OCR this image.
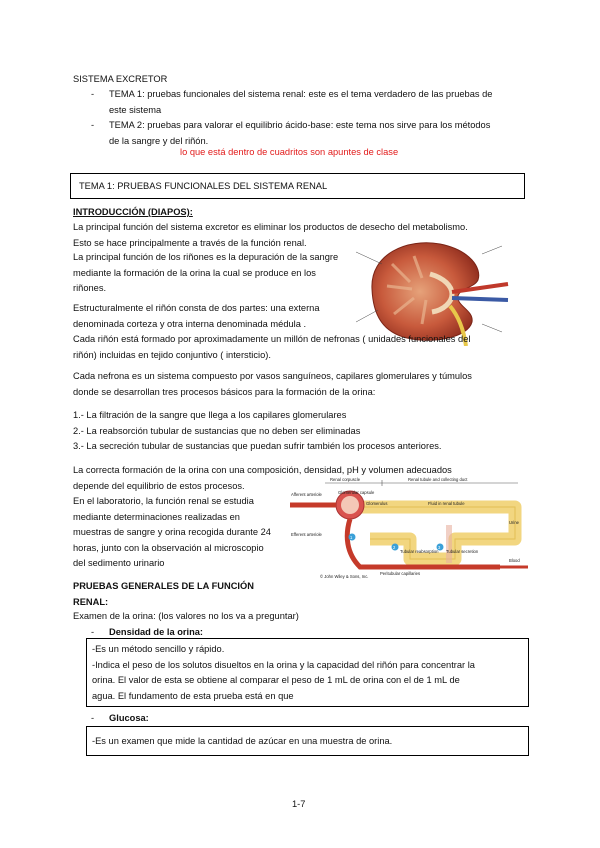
SISTEMA EXCRETOR
- TEMA 1: pruebas funcionales del sistema renal: este es el tema verdadero de las pruebas de
este sistema
- TEMA 2: pruebas para valorar el equilibrio ácido-base: este tema nos sirve para los métodos
de la sangre y del riñón.
lo que está dentro de cuadritos son apuntes de clase
TEMA 1: PRUEBAS FUNCIONALES DEL SISTEMA RENAL
INTRODUCCIÓN (DIAPOS):
La principal función del sistema excretor es eliminar los productos de desecho del metabolismo.
Esto se hace principalmente a través de la función renal.
La principal función de los riñones es la depuración de la sangre
mediante la formación de la orina la cual se produce en los
riñones.
Estructuralmente el riñón consta de dos partes: una externa
denominada corteza y otra interna denominada médula .
Cada riñón está formado por aproximadamente un millón de nefronas ( unidades funcionales del
riñón) incluidas en tejido conjuntivo ( intersticio).
Cada nefrona es un sistema compuesto por vasos sanguíneos, capilares glomerulares y túmulos
donde se desarrollan tres procesos básicos para la formación de la orina:
1.- La filtración de la sangre que llega a los capilares glomerulares
2.- La reabsorción tubular de sustancias que no deben ser eliminadas
3.- La secreción tubular de sustancias que puedan sufrir también los procesos anteriores.
La correcta formación de la orina con una composición, densidad, pH y volumen adecuados
depende del equilibrio de estos procesos.
En el laboratorio, la función renal se estudia
mediante determinaciones realizadas en
muestras de sangre y orina recogida durante 24
horas, junto con la observación al microscopio
del sedimento urinario
Renal corpuscle	Renal tubule and collecting duct
Afferent arteriole	Glomerular capsule
Efferent arteriole
Glomerulus	Fluid in renal tubule
Peritubular capillaries
1
2	3
Tubular reabsorption Tubular secretion
Urine
Blood
© John Wiley & Sons, Inc.
PRUEBAS GENERALES DE LA FUNCIÓN
RENAL:
Examen de la orina: (los valores no los va a preguntar)
- Densidad de la orina:
-Es un método sencillo y rápido.
-Indica el peso de los solutos disueltos en la orina y la capacidad del riñón para concentrar la
orina. El valor de esta se obtiene al comparar el peso de 1 mL de orina con el de 1 mL de
agua. El fundamento de esta prueba está en que
- Glucosa:
-Es un examen que mide la cantidad de azúcar en una muestra de orina.
1-7
